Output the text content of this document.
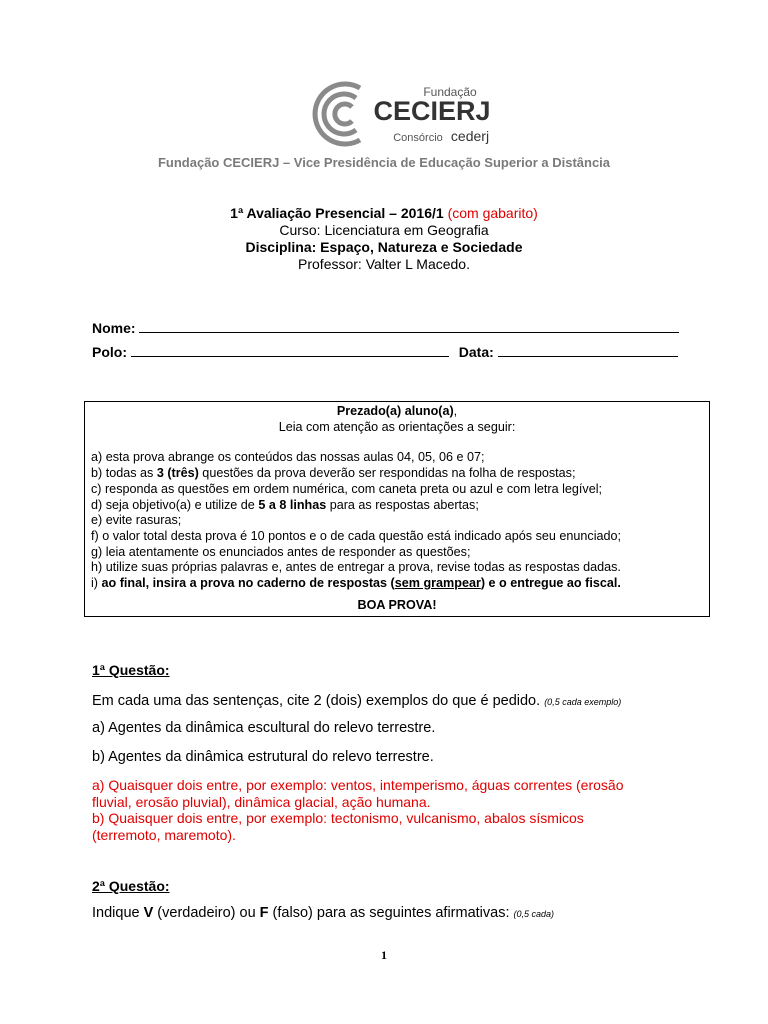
Fundação
CECIERJ
Consórcio cederj
Fundação CECIERJ – Vice Presidência de Educação Superior a Distância
1ª Avaliação Presencial – 2016/1 (com gabarito)
Curso: Licenciatura em Geografia
Disciplina: Espaço, Natureza e Sociedade
Professor: Valter L Macedo.
Nome:
Polo:	Data:
Prezado(a) aluno(a),
Leia com atenção as orientações a seguir:
a) esta prova abrange os conteúdos das nossas aulas 04, 05, 06 e 07;
b) todas as 3 (três) questões da prova deverão ser respondidas na folha de respostas;
c) responda as questões em ordem numérica, com caneta preta ou azul e com letra legível;
d) seja objetivo(a) e utilize de 5 a 8 linhas para as respostas abertas;
e) evite rasuras;
f) o valor total desta prova é 10 pontos e o de cada questão está indicado após seu enunciado;
g) leia atentamente os enunciados antes de responder as questões;
h) utilize suas próprias palavras e, antes de entregar a prova, revise todas as respostas dadas.
i) ao final, insira a prova no caderno de respostas (sem grampear) e o entregue ao fiscal.
BOA PROVA!
1ª Questão:
Em cada uma das sentenças, cite 2 (dois) exemplos do que é pedido. (0,5 cada exemplo)
a) Agentes da dinâmica escultural do relevo terrestre.
b) Agentes da dinâmica estrutural do relevo terrestre.
a) Quaisquer dois entre, por exemplo: ventos, intemperismo, águas correntes (erosão
fluvial, erosão pluvial), dinâmica glacial, ação humana.
b) Quaisquer dois entre, por exemplo: tectonismo, vulcanismo, abalos sísmicos
(terremoto, maremoto).
2ª Questão:
Indique V (verdadeiro) ou F (falso) para as seguintes afirmativas: (0,5 cada)
1
